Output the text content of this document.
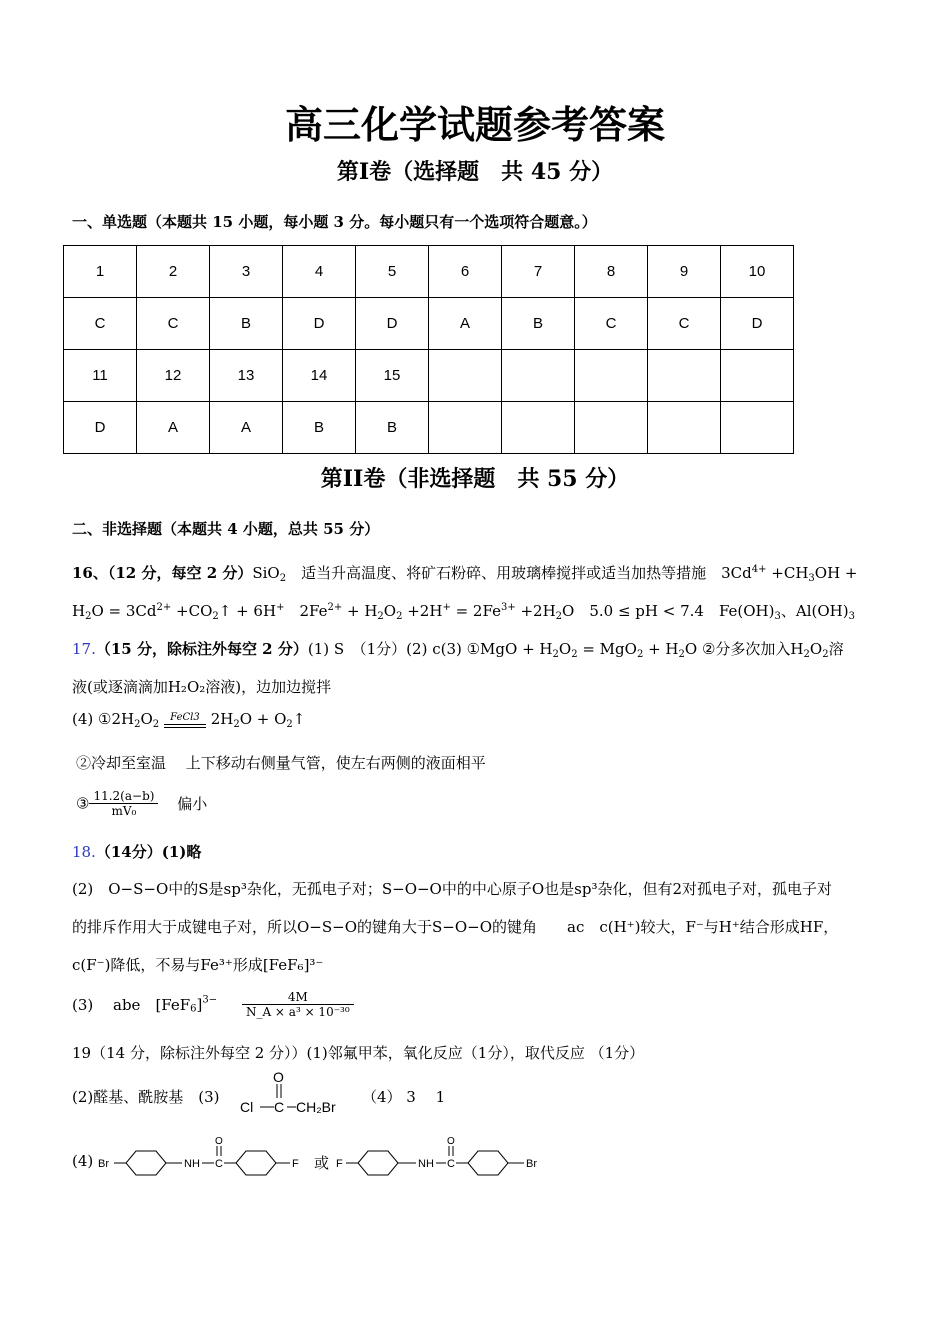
高三化学试题参考答案
第I卷（选择题　共 45 分）
一、单选题（本题共 15 小题，每小题 3 分。每小题只有一个选项符合题意。）
1	2	3	4	5	6	7	8	9	10
C	C	B	D	D	A	B	C	C	D
11	12	13	14	15					
D	A	A	B	B					
第II卷（非选择题　共 55 分）
二、非选择题（本题共 4 小题，总共 55 分）
16、（12 分，每空 2 分）SiO$_2$　适当升高温度、将矿石粉碎、用玻璃棒搅拌或适当加热等措施　$3Cd^{4+} +CH_3OH$ +
$H_2O = 3Cd^{2+}$ $+CO_2↑ + 6H^+$　$2Fe^{2+} + H_2O_2 +2H^+ = 2Fe^{3+} +2H_2O$　5.0 ≤ pH < 7.4　$Fe(OH)_3$、$Al(OH)_3$
17.（15 分，除标注外每空 2 分）(1) S　（1分）(2) c(3) ①MgO + $H_2O_2 = MgO_2 + H_2O$ ②分多次加入$H_2O_2$溶
液(或逐滴滴加H₂O₂溶液)，边加边搅拌
(4) $①2H_2O_2$
FeCl3 $2H_2O$ + $O_2↑$
②冷却至室温　 上下移动右侧量气管，使左右两侧的液面相平
③ $\frac{11.2(a-b)}{\text{mV₀}}$ 偏小
18.（14分）(1)略
(2)　O−S−O中的S是sp³杂化，无孤电子对；S−O−O中的中心原子O也是sp³杂化，但有2对孤电子对，孤电子对
的排斥作用大于成键电子对，所以O−S−O的键角大于S−O−O的键角　　ac　c(H⁺)较大，F⁻与H⁺结合形成HF，
c(F⁻)降低，不易与Fe³⁺形成[FeF₆]³⁻
(3)　 abe　$[FeF_6]^{3-} \frac{4M}{\text{N\_A × a³ × 10⁻³⁰}}$
19（14 分，除标注外每空 2 分））(1)邻氟甲苯，氧化反应（1分），取代反应 （1分）
(2)醛基、酰胺基　(3)
Cl C
O
CH₂Br
（4） 3　 1
(4) Br	NH C
O
F 或 F	NH C
O
Br
